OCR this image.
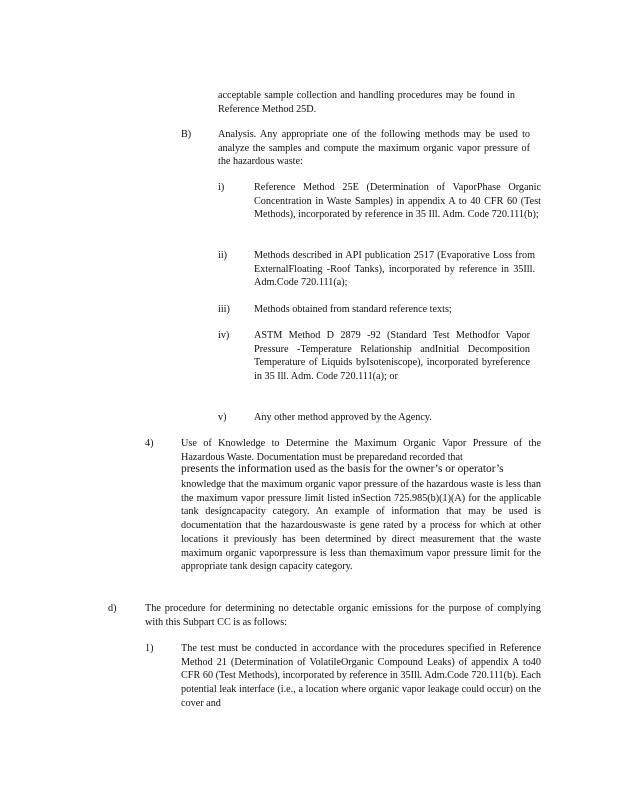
acceptable sample collection and handling procedures may be found in Reference Method 25D.

B)	Analysis. Any appropriate one of the following methods may be used to analyze the samples and compute the maximum organic vapor pressure of the hazardous waste:

i)	Reference Method 25E (Determination of VaporPhase Organic Concentration in Waste Samples) in appendix A to 40 CFR 60 (Test Methods), incorporated by reference in 35 Ill. Adm. Code 720.111(b);

ii)	Methods described in API publication 2517 (Evaporative Loss from ExternalFloating -Roof Tanks), incorporated by reference in 35Ill. Adm.Code 720.111(a);

iii) Methods obtained from standard reference texts;

iv) ASTM Method D 2879 -92 (Standard Test Methodfor Vapor Pressure -Temperature Relationship andInitial Decomposition Temperature of Liquids byIsoteniscope), incorporated byreference in 35 Ill. Adm. Code 720.111(a); or

v)	Any other method approved by the Agency.

4)	Use of Knowledge to Determine the Maximum Organic Vapor Pressure of the Hazardous Waste. Documentation must be preparedand recorded that

presents the information used as the basis for the owner’s or operator’s

knowledge that the maximum organic vapor pressure of the hazardous waste is less than the maximum vapor pressure limit listed inSection 725.985(b)(1)(A) for the applicable tank designcapacity category. An example of information that may be used is documentation that the hazardouswaste is gene rated by a process for which at other locations it previously has been determined by direct measurement that the waste maximum organic vaporpressure is less than themaximum vapor pressure limit for the appropriate tank design capacity category.

d)	The procedure for determining no detectable organic emissions for the purpose of complying with this Subpart CC is as follows:

1)	The test must be conducted in accordance with the procedures specified in Reference Method 21 (Determination of VolatileOrganic Compound Leaks) of appendix A to40 CFR 60 (Test Methods), incorporated by reference in 35Ill. Adm.Code 720.111(b). Each potential leak interface (i.e., a location where organic vapor leakage could occur) on the cover and
